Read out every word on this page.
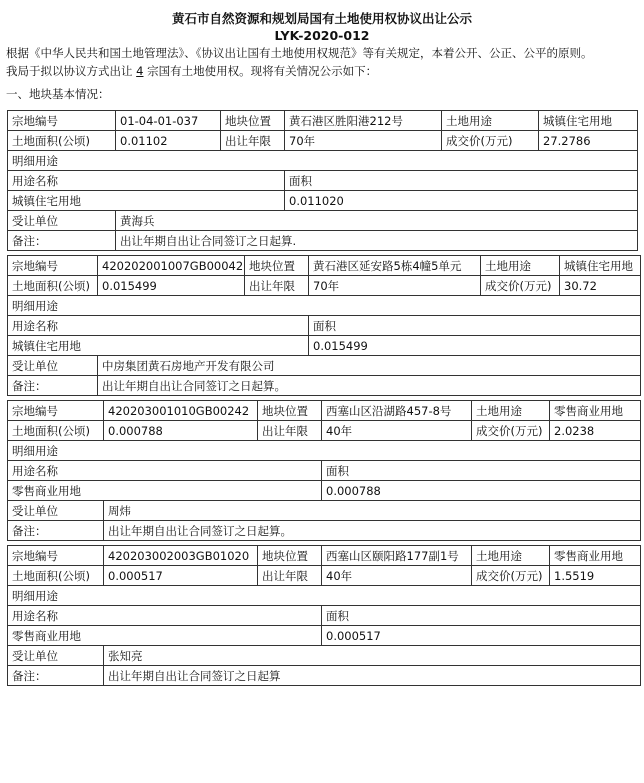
黄石市自然资源和规划局国有土地使用权协议出让公示
LYK-2020-012
根据《中华人民共和国土地管理法》、《协议出让国有土地使用权规范》等有关规定，本着公开、公正、公平的原则。
我局于拟以协议方式出让 4 宗国有土地使用权。现将有关情况公示如下：
一、地块基本情况：
宗地编号	01-04-01-037	地块位置	黄石港区胜阳港212号	土地用途	城镇住宅用地
土地面积(公顷)	0.01102	出让年限	70年	成交价(万元)	27.2786
明细用途					
用途名称			面积		
城镇住宅用地			0.011020		
受让单位	黄海兵				
备注：	出让年期自出让合同签订之日起算.				
宗地编号	420202001007GB00042	地块位置	黄石港区延安路5栋4幢5单元	土地用途	城镇住宅用地
土地面积(公顷)	0.015499	出让年限	70年	成交价(万元)	30.72
明细用途					
用途名称			面积		
城镇住宅用地			0.015499		
受让单位	中房集团黄石房地产开发有限公司				
备注：	出让年期自出让合同签订之日起算。				
宗地编号	420203001010GB00242	地块位置	西塞山区沿湖路457-8号	土地用途	零售商业用地
土地面积(公顷)	0.000788	出让年限	40年	成交价(万元)	2.0238
明细用途					
用途名称			面积		
零售商业用地			0.000788		
受让单位	周炜				
备注：	出让年期自出让合同签订之日起算。				
宗地编号	420203002003GB01020	地块位置	西塞山区颐阳路177副1号	土地用途	零售商业用地
土地面积(公顷)	0.000517	出让年限	40年	成交价(万元)	1.5519
明细用途					
用途名称			面积		
零售商业用地			0.000517		
受让单位	张知亮				
备注：	出让年期自出让合同签订之日起算				
